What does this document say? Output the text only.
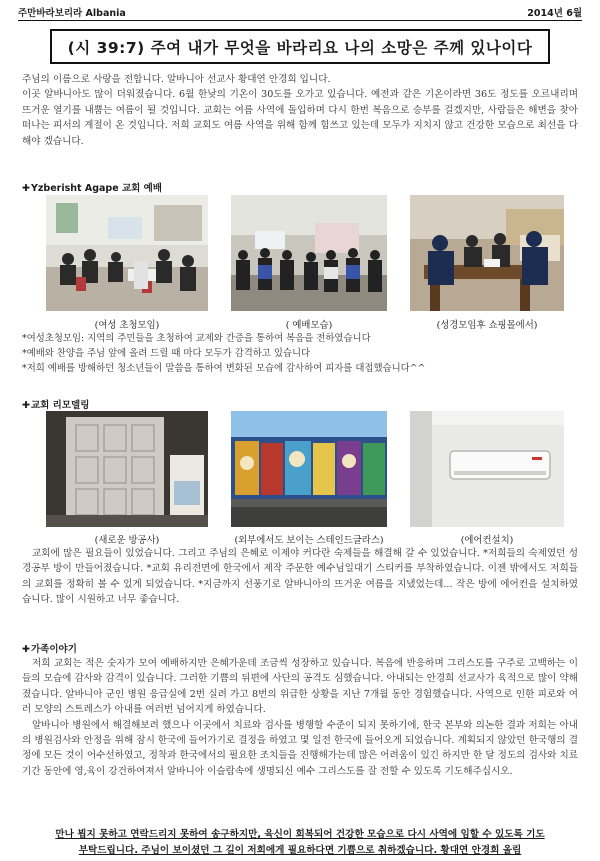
주만바라보리라 Albania	2014년 6월
(시 39:7) 주여 내가 무엇을 바라리요 나의 소망은 주께 있나이다

주님의 이름으로 사랑을 전합니다. 알바니아 선교사 황대연 안경희 입니다.

이곳 알바니아도 많이 더워졌습니다. 6월 한낮의 기온이 30도를 오가고 있습니다. 예전과 같은 기온이라면 36도 정도를 오르내리며 뜨거운 열기를 내뿜는 여름이 될 것입니다. 교회는 여름 사역에 돌입하며 다시 한번 복음으로 승부를 걸겠지만, 사람들은 해변을 찾아 떠나는 피서의 계절이 온 것입니다. 저희 교회도 여름 사역을 위해 함께 힘쓰고 있는데 모두가 지치지 않고 건강한 모습으로 최선을 다해야 겠습니다.

✚Yzberisht Agape 교회 예배
(여성 초청모임)	( 예배모습)	(성경모임후 쇼핑몰에서)
*여성초청모임: 지역의 주민들을 초청하여 교제와 간증을 통하여 복음을 전하였습니다
*예배와 찬양을 주님 앞에 올려 드릴 때 마다 모두가 감격하고 있습니다
*저희 예배를 방해하던 청소년들이 말씀을 통하여 변화된 모습에 감사하여 피자를 대접했습니다^^
✚교회 리모델링
(새로운 방공사)	(외부에서도 보이는 스테인드글라스)	(에어컨설치)

교회에 많은 필요들이 있었습니다. 그리고 주님의 은혜로 이제야 커다란 숙제들을 해결해 갈 수 있었습니다. *저희들의 숙제였던 성경공부 방이 만들어졌습니다. *교회 유리전면에 한국에서 제작 주문한 예수님일대기 스티커를 부착하였습니다. 이젠 밖에서도 저희들의 교회를 정확히 볼 수 있게 되었습니다. *지금까지 선풍기로 알바니아의 뜨거운 여름을 지냈었는데... 작은 방에 에어컨을 설치하였습니다. 많이 시원하고 너무 좋습니다.

✚가족이야기

저희 교회는 적은 숫자가 모여 예배하지만 은혜가운데 조금씩 성장하고 있습니다. 복음에 반응하며 그리스도를 구주로 고백하는 이들의 모습에 감사와 감격이 있습니다. 그러한 기쁨의 뒤편에 사단의 공격도 심했습니다. 아내되는 안경희 선교사가 육적으로 많이 약해졌습니다. 알바니아 군인 병원 응급실에 2번 실려 가고 8번의 위급한 상황을 지난 7개월 동안 경험했습니다. 사역으로 인한 피로와 여러 모양의 스트레스가 아내를 여러번 넘어지게 하였습니다.

알바니아 병원에서 해결해보려 했으나 이곳에서 치료와 검사를 병행할 수준이 되지 못하기에, 한국 본부와 의논한 결과 저희는 아내의 병원검사와 안정을 위해 잠시 한국에 들어가기로 결정을 하였고 몇 일전 한국에 들어오게 되었습니다. 계획되지 않았던 한국행의 결정에 모든 것이 어수선하였고, 정착과 한국에서의 필요한 조치들을 진행해가는데 많은 어려움이 있긴 하지만 한 달 정도의 검사와 치료 기간 동안에 영,육이 강건하여져서 알바니아 이슬람속에 생명되신 예수 그리스도를 잘 전할 수 있도록 기도해주십시오.

만나 뵙지 못하고 연락드리지 못하여 송구하지만, 육신이 회복되어 건강한 모습으로 다시 사역에 임할 수 있도록 기도
부탁드립니다. 주님이 보이셨던 그 길이 저희에게 필요하다면 기쁨으로 취하겠습니다. 황대연 안경희 올림
